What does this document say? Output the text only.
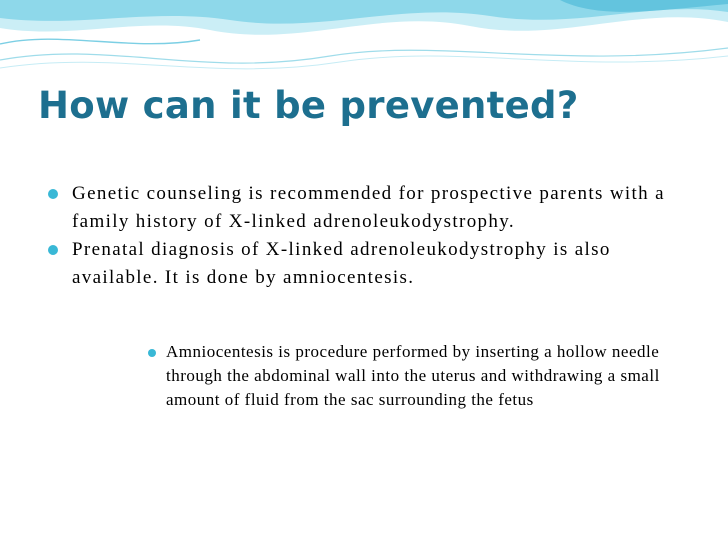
How can it be prevented?
Genetic counseling is recommended for prospective parents with a family history of X-linked adrenoleukodystrophy.
Prenatal diagnosis of X-linked adrenoleukodystrophy is also available. It is done by amniocentesis.
Amniocentesis is procedure performed by inserting a hollow needle through the abdominal wall into the uterus and withdrawing a small amount of fluid from the sac surrounding the fetus
